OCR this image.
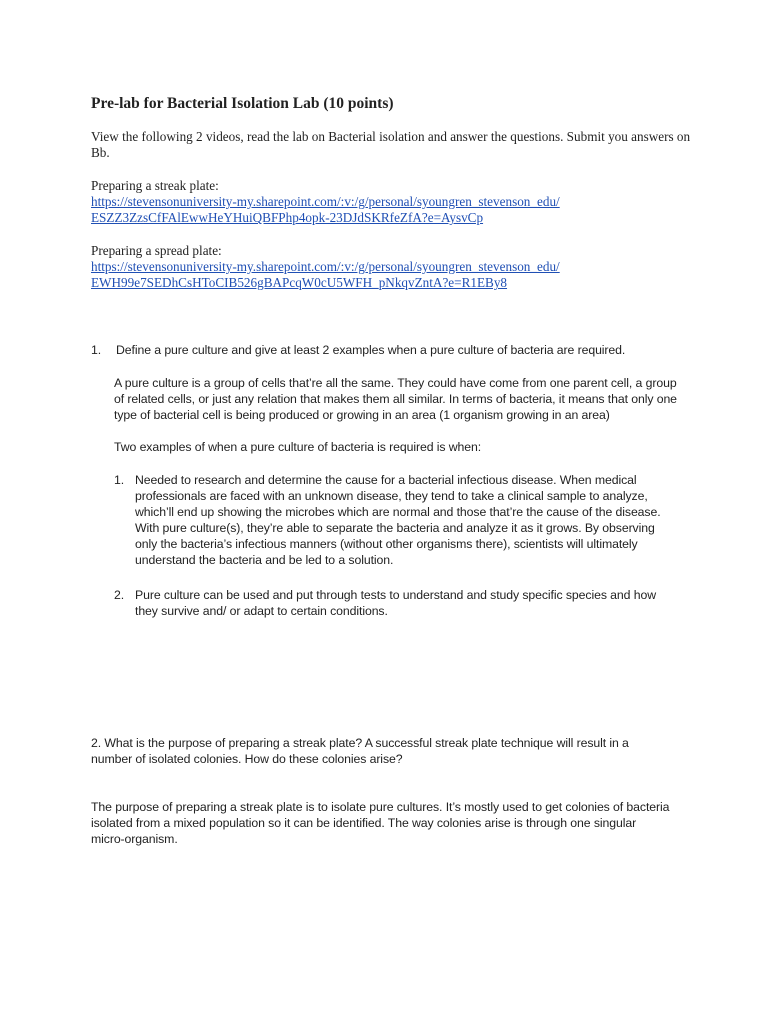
Pre-lab for Bacterial Isolation Lab (10 points)
View the following 2 videos, read the lab on Bacterial isolation and answer the questions. Submit you answers on Bb.
Preparing a streak plate:
https://stevensonuniversity-my.sharepoint.com/:v:/g/personal/syoungren_stevenson_edu/
ESZZ3ZzsCfFAlEwwHeYHuiQBFPhp4opk-23DJdSKRfeZfA?e=AysvCp
Preparing a spread plate:
https://stevensonuniversity-my.sharepoint.com/:v:/g/personal/syoungren_stevenson_edu/
EWH99e7SEDhCsHToCIB526gBAPcqW0cU5WFH_pNkqvZntA?e=R1EBy8
1. Define a pure culture and give at least 2 examples when a pure culture of bacteria are required.
A pure culture is a group of cells that’re all the same. They could have come from one parent cell, a group of related cells, or just any relation that makes them all similar. In terms of bacteria, it means that only one type of bacterial cell is being produced or growing in an area (1 organism growing in an area)
Two examples of when a pure culture of bacteria is required is when:
1. Needed to research and determine the cause for a bacterial infectious disease. When medical professionals are faced with an unknown disease, they tend to take a clinical sample to analyze, which’ll end up showing the microbes which are normal and those that’re the cause of the disease. With pure culture(s), they’re able to separate the bacteria and analyze it as it grows. By observing only the bacteria’s infectious manners (without other organisms there), scientists will ultimately understand the bacteria and be led to a solution.
2. Pure culture can be used and put through tests to understand and study specific species and how they survive and/ or adapt to certain conditions.
2. What is the purpose of preparing a streak plate? A successful streak plate technique will result in a number of isolated colonies. How do these colonies arise?
The purpose of preparing a streak plate is to isolate pure cultures. It’s mostly used to get colonies of bacteria isolated from a mixed population so it can be identified. The way colonies arise is through one singular micro-organism.
